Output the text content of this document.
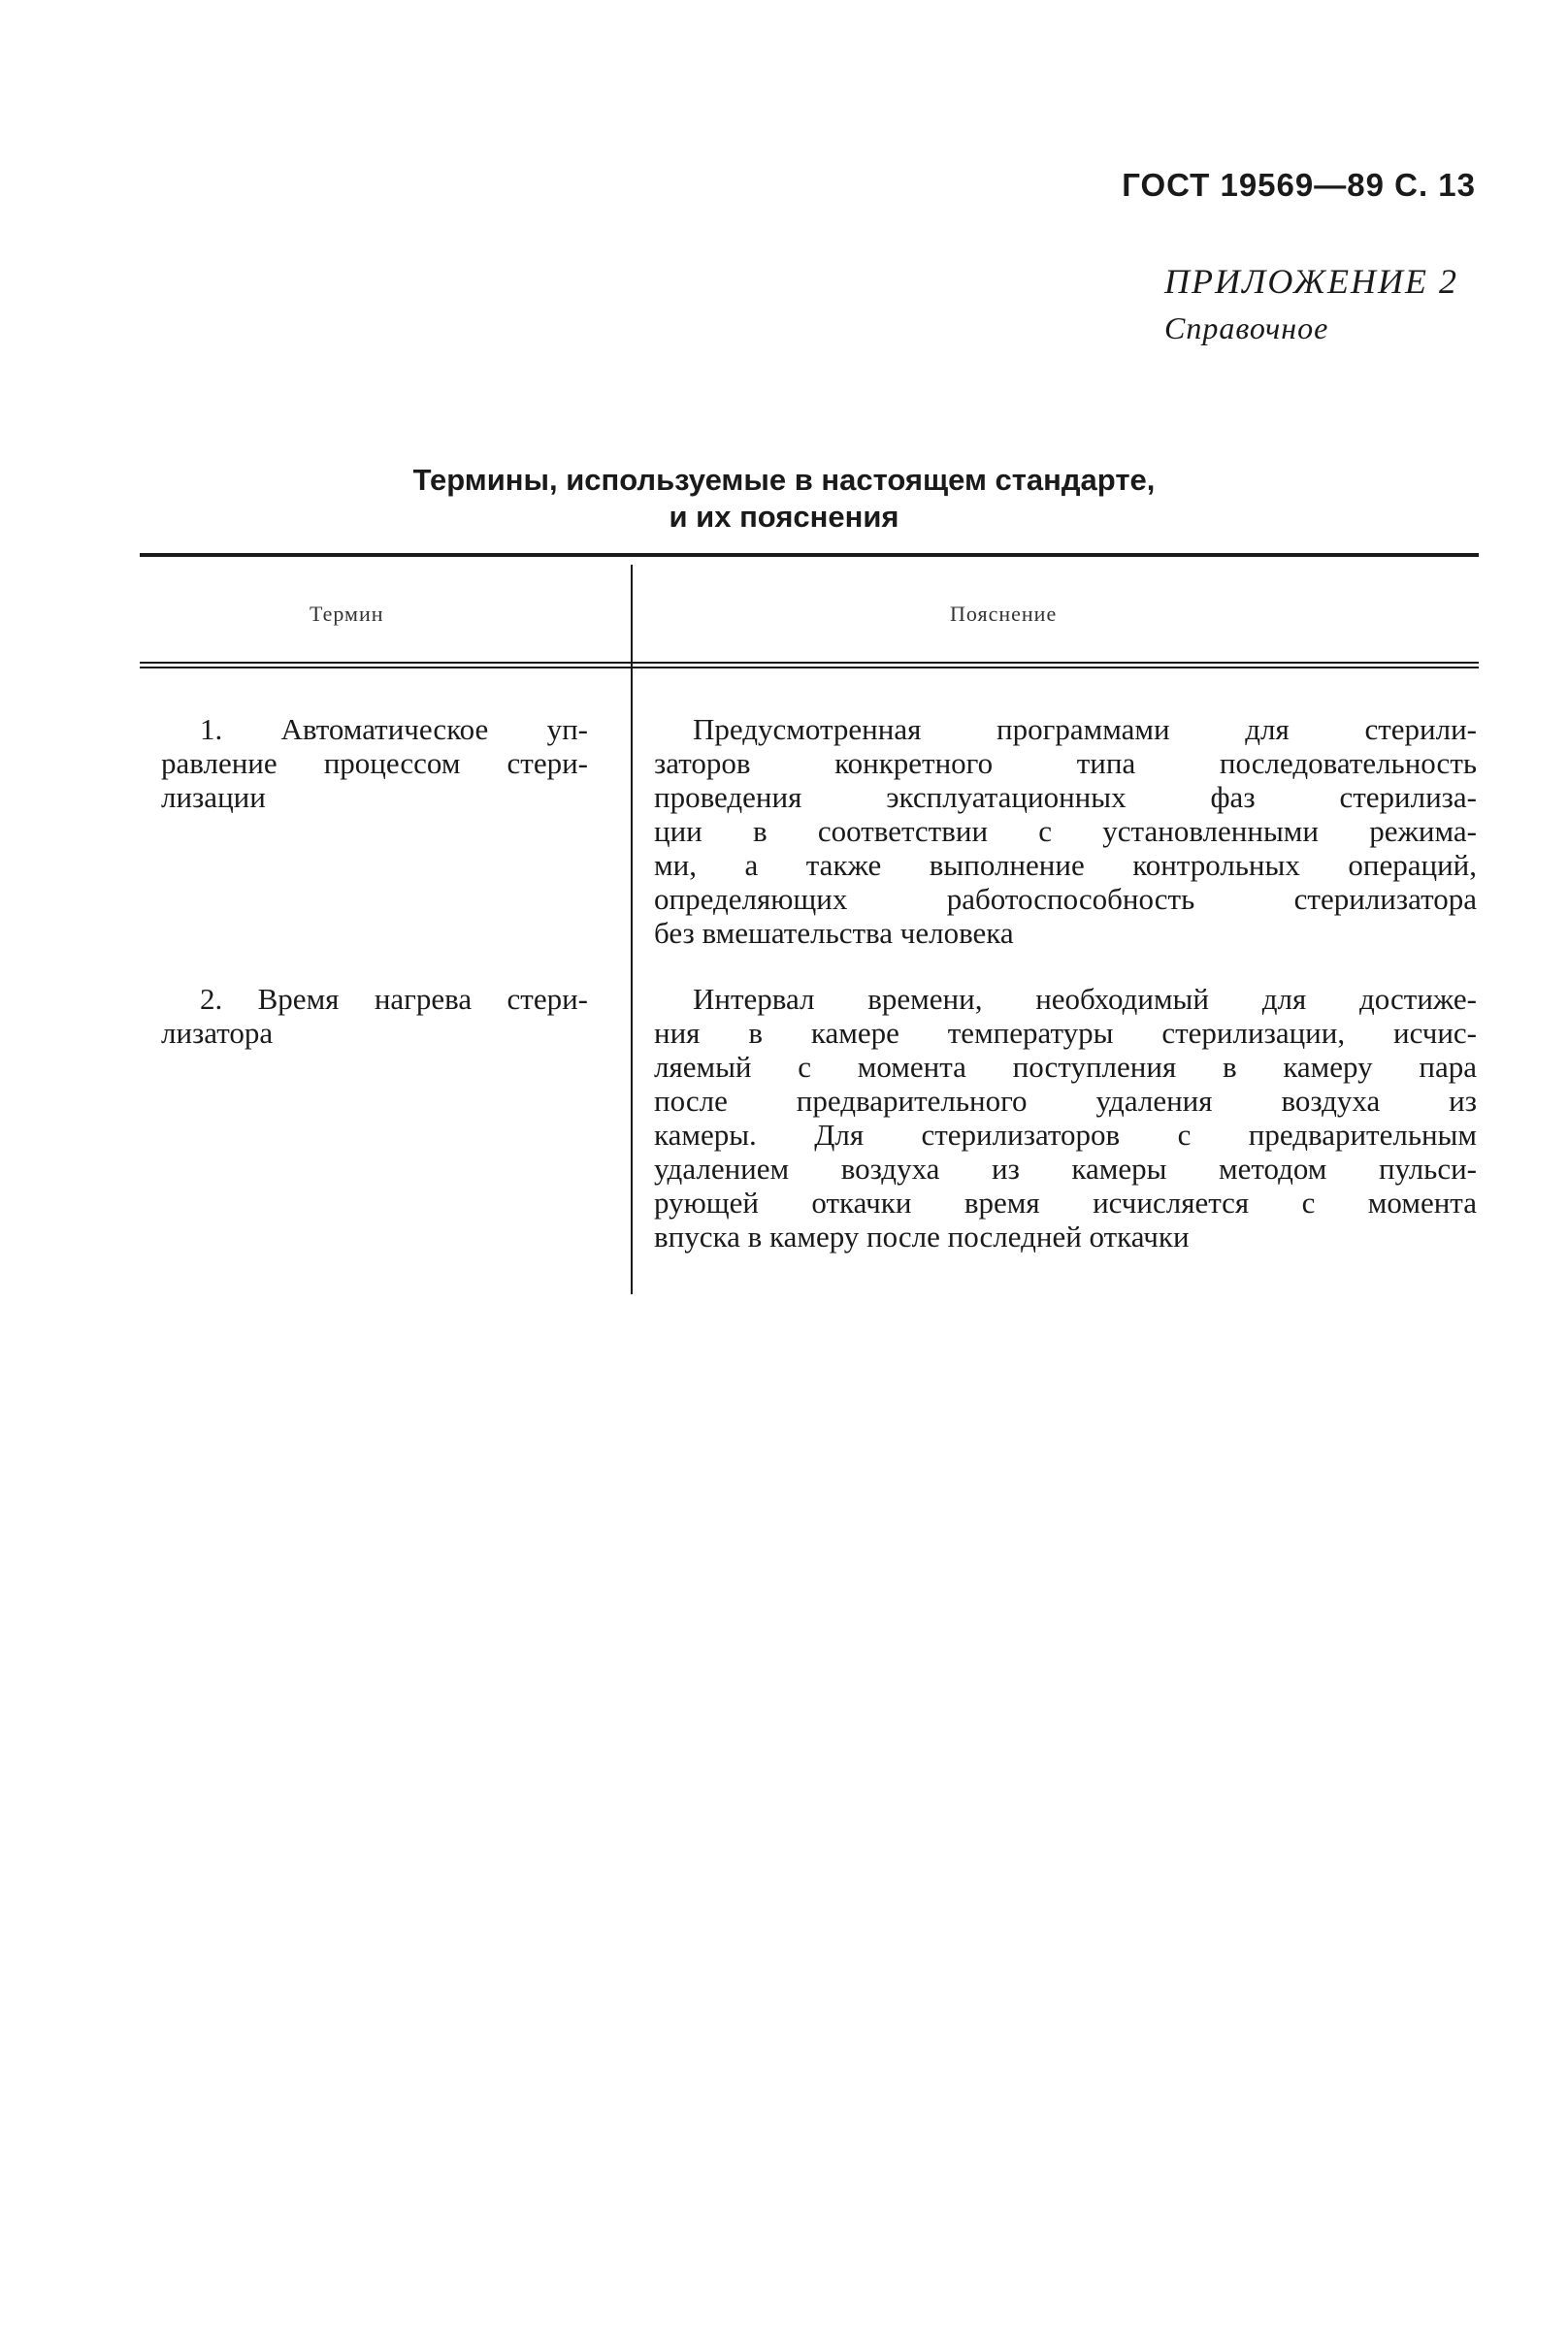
ГОСТ 19569—89 С. 13
ПРИЛОЖЕНИЕ 2
Справочное
Термины, используемые в настоящем стандарте,
и их пояснения
Термин	Пояснение
1. Автоматическое уп-
равление процессом стери-
лизации
Предусмотренная программами для стерили-
заторов конкретного типа последовательность
проведения эксплуатационных фаз стерилиза-
ции в соответствии с установленными режима-
ми, а также выполнение контрольных операций,
определяющих работоспособность стерилизатора
без вмешательства человека
2. Время нагрева стери-
лизатора
Интервал времени, необходимый для достиже-
ния в камере температуры стерилизации, исчис-
ляемый с момента поступления в камеру пара
после предварительного удаления воздуха из
камеры. Для стерилизаторов с предварительным
удалением воздуха из камеры методом пульси-
рующей откачки время исчисляется с момента
впуска в камеру после последней откачки
